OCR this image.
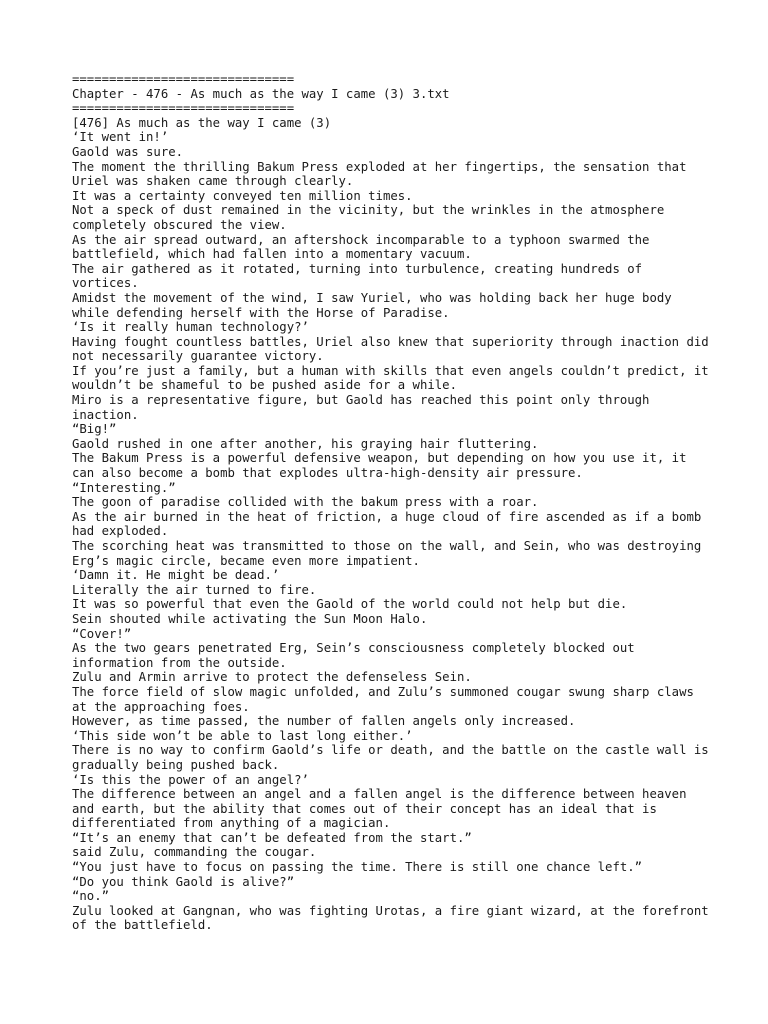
==============================
Chapter - 476 - As much as the way I came (3) 3.txt
==============================
[476] As much as the way I came (3)
‘It went in!’
Gaold was sure.
The moment the thrilling Bakum Press exploded at her fingertips, the sensation that Uriel was shaken came through clearly.
It was a certainty conveyed ten million times.
Not a speck of dust remained in the vicinity, but the wrinkles in the atmosphere completely obscured the view.
As the air spread outward, an aftershock incomparable to a typhoon swarmed the battlefield, which had fallen into a momentary vacuum.
The air gathered as it rotated, turning into turbulence, creating hundreds of vortices.
Amidst the movement of the wind, I saw Yuriel, who was holding back her huge body while defending herself with the Horse of Paradise.
‘Is it really human technology?’
Having fought countless battles, Uriel also knew that superiority through inaction did not necessarily guarantee victory.
If you’re just a family, but a human with skills that even angels couldn’t predict, it wouldn’t be shameful to be pushed aside for a while.
Miro is a representative figure, but Gaold has reached this point only through inaction.
“Big!”
Gaold rushed in one after another, his graying hair fluttering.
The Bakum Press is a powerful defensive weapon, but depending on how you use it, it can also become a bomb that explodes ultra-high-density air pressure.
“Interesting.”
The goon of paradise collided with the bakum press with a roar.
As the air burned in the heat of friction, a huge cloud of fire ascended as if a bomb had exploded.
The scorching heat was transmitted to those on the wall, and Sein, who was destroying Erg’s magic circle, became even more impatient.
‘Damn it. He might be dead.’
Literally the air turned to fire.
It was so powerful that even the Gaold of the world could not help but die.
Sein shouted while activating the Sun Moon Halo.
“Cover!”
As the two gears penetrated Erg, Sein’s consciousness completely blocked out information from the outside.
Zulu and Armin arrive to protect the defenseless Sein.
The force field of slow magic unfolded, and Zulu’s summoned cougar swung sharp claws at the approaching foes.
However, as time passed, the number of fallen angels only increased.
‘This side won’t be able to last long either.’
There is no way to confirm Gaold’s life or death, and the battle on the castle wall is gradually being pushed back.
‘Is this the power of an angel?’
The difference between an angel and a fallen angel is the difference between heaven and earth, but the ability that comes out of their concept has an ideal that is differentiated from anything of a magician.
“It’s an enemy that can’t be defeated from the start.”
said Zulu, commanding the cougar.
“You just have to focus on passing the time. There is still one chance left.”
“Do you think Gaold is alive?”
“no.”
Zulu looked at Gangnan, who was fighting Urotas, a fire giant wizard, at the forefront of the battlefield.
